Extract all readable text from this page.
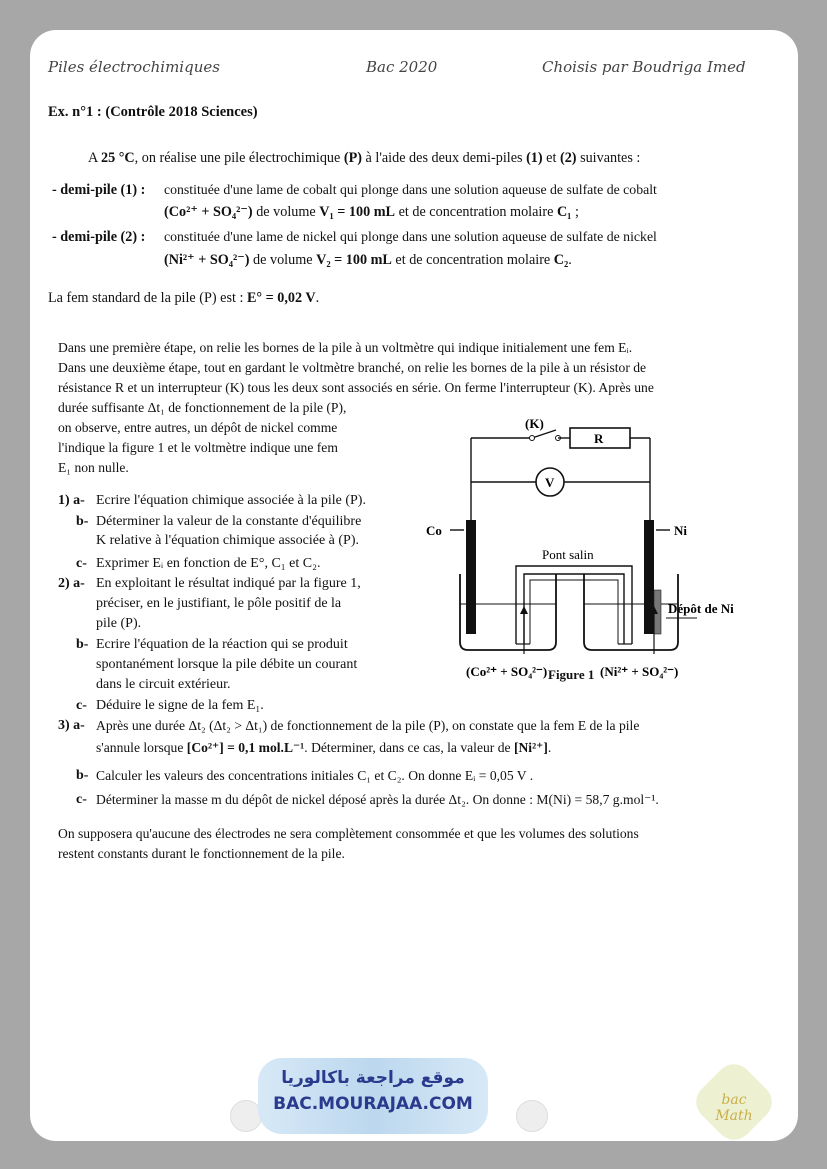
Piles électrochimiques	Bac 2020	Choisis par Boudriga Imed
Ex. n°1 : (Contrôle 2018 Sciences)
A 25 °C, on réalise une pile électrochimique (P) à l'aide des deux demi-piles (1) et (2) suivantes :
- demi-pile (1) : constituée d'une lame de cobalt qui plonge dans une solution aqueuse de sulfate de cobalt
(Co²⁺ + SO₄²⁻) de volume V₁ = 100 mL et de concentration molaire C₁ ;
- demi-pile (2) : constituée d'une lame de nickel qui plonge dans une solution aqueuse de sulfate de nickel
(Ni²⁺ + SO₄²⁻) de volume V₂ = 100 mL et de concentration molaire C₂.
La fem standard de la pile (P) est : E° = 0,02 V.
Dans une première étape, on relie les bornes de la pile à un voltmètre qui indique initialement une fem Eᵢ.
Dans une deuxième étape, tout en gardant le voltmètre branché, on relie les bornes de la pile à un résistor de
résistance R et un interrupteur (K) tous les deux sont associés en série. On ferme l'interrupteur (K). Après une
durée suffisante Δt₁ de fonctionnement de la pile (P),
on observe, entre autres, un dépôt de nickel comme
l'indique la figure 1 et le voltmètre indique une fem
E₁ non nulle.
1) a- Ecrire l'équation chimique associée à la pile (P).
b- Déterminer la valeur de la constante d'équilibre
K relative à l'équation chimique associée à (P).
c- Exprimer Eᵢ en fonction de E°, C₁ et C₂.
2) a- En exploitant le résultat indiqué par la figure 1,
préciser, en le justifiant, le pôle positif de la
pile (P).
b- Ecrire l'équation de la réaction qui se produit
spontanément lorsque la pile débite un courant
dans le circuit extérieur.
c- Déduire le signe de la fem E₁.
(K)
R
V
Co	Ni
Pont salin
Dépôt de Ni
(Co²⁺ + SO₄²⁻)	(Ni²⁺ + SO₄²⁻)
Figure 1
3) a- Après une durée Δt₂ (Δt₂ > Δt₁) de fonctionnement de la pile (P), on constate que la fem E de la pile
s'annule lorsque [Co²⁺] = 0,1 mol.L⁻¹. Déterminer, dans ce cas, la valeur de [Ni²⁺].
b- Calculer les valeurs des concentrations initiales C₁ et C₂. On donne Eᵢ = 0,05 V .
c- Déterminer la masse m du dépôt de nickel déposé après la durée Δt₂. On donne : M(Ni) = 58,7 g.mol⁻¹.
On supposera qu'aucune des électrodes ne sera complètement consommée et que les volumes des solutions
restent constants durant le fonctionnement de la pile.
bac Math
موقع مراجعة باكالوريا
BAC.MOURAJAA.COM
